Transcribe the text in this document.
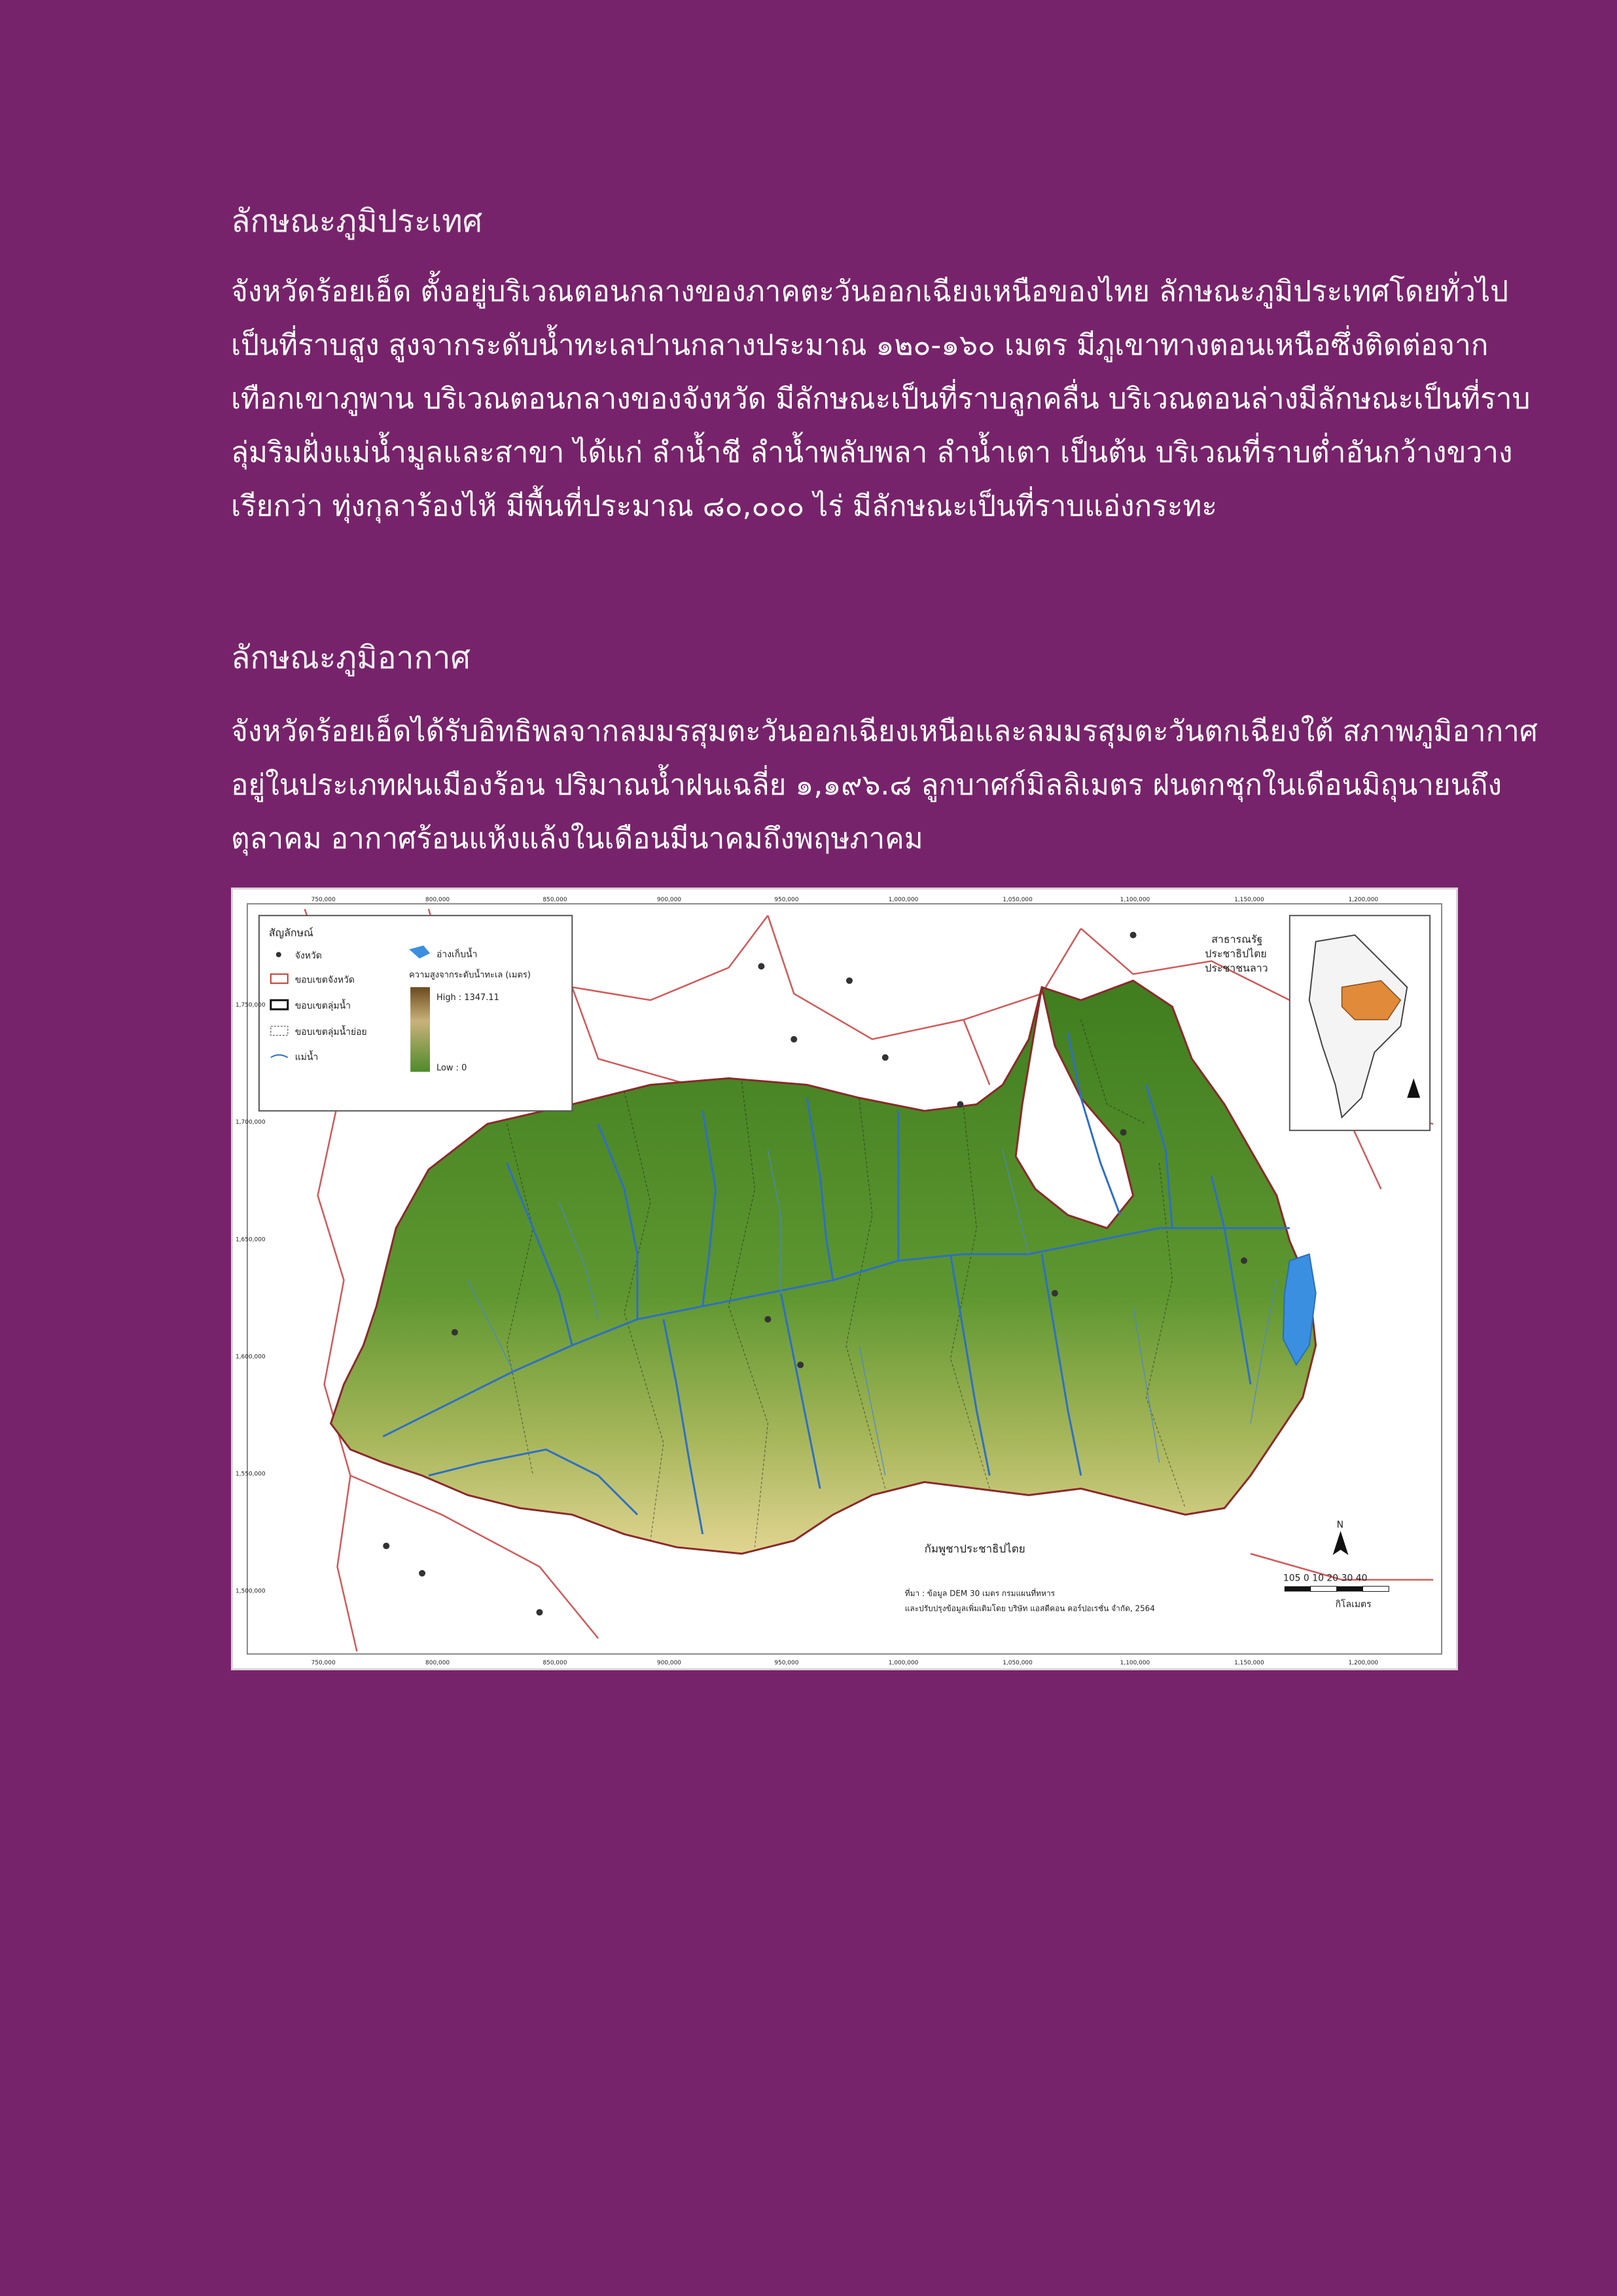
ลักษณะภูมิประเทศ

จังหวัดร้อยเอ็ด ตั้งอยู่บริเวณตอนกลางของภาคตะวันออกเฉียงเหนือของไทย ลักษณะภูมิประเทศโดยทั่วไป
เป็นที่ราบสูง สูงจากระดับน้ำทะเลปานกลางประมาณ ๑๒๐-๑๖๐ เมตร มีภูเขาทางตอนเหนือซึ่งติดต่อจาก
เทือกเขาภูพาน บริเวณตอนกลางของจังหวัด มีลักษณะเป็นที่ราบลูกคลื่น บริเวณตอนล่างมีลักษณะเป็นที่ราบ
ลุ่มริมฝั่งแม่น้ำมูลและสาขา ได้แก่ ลำน้ำชี ลำน้ำพลับพลา ลำน้ำเตา เป็นต้น บริเวณที่ราบต่ำอันกว้างขวาง
เรียกว่า ทุ่งกุลาร้องไห้ มีพื้นที่ประมาณ ๘๐,๐๐๐ ไร่ มีลักษณะเป็นที่ราบแอ่งกระทะ

ลักษณะภูมิอากาศ

จังหวัดร้อยเอ็ดได้รับอิทธิพลจากลมมรสุมตะวันออกเฉียงเหนือและลมมรสุมตะวันตกเฉียงใต้ สภาพภูมิอากาศ
อยู่ในประเภทฝนเมืองร้อน ปริมาณน้ำฝนเฉลี่ย ๑,๑๙๖.๘ ลูกบาศก์มิลลิเมตร ฝนตกชุกในเดือนมิถุนายนถึง
ตุลาคม อากาศร้อนแห้งแล้งในเดือนมีนาคมถึงพฤษภาคม

สัญลักษณ์
จังหวัด
ขอบเขตจังหวัด
ขอบเขตลุ่มน้ำ
ขอบเขตลุ่มน้ำย่อย
แม่น้ำ
อ่างเก็บน้ำ
ความสูงจากระดับน้ำทะเล (เมตร)
High : 1347.11
Low : 0
สาธารณรัฐ
ประชาธิปไตย
ประชาชนลาว
กัมพูชาประชาธิปไตย
N
105 0 10 20 30 40
กิโลเมตร
ที่มา : ข้อมูล DEM 30 เมตร กรมแผนที่ทหาร
และปรับปรุงข้อมูลเพิ่มเติมโดย บริษัท แอสดีคอน คอร์ปอเรชั่น จำกัด, 2564
750,000	800,000	850,000	900,000	950,000	1,000,000	1,050,000	1,100,000	1,150,000	1,200,000
750,000	800,000	850,000	900,000	950,000	1,000,000	1,050,000	1,100,000	1,150,000	1,200,000
1,750,000
1,700,000
1,650,000
1,600,000
1,550,000
1,500,000
